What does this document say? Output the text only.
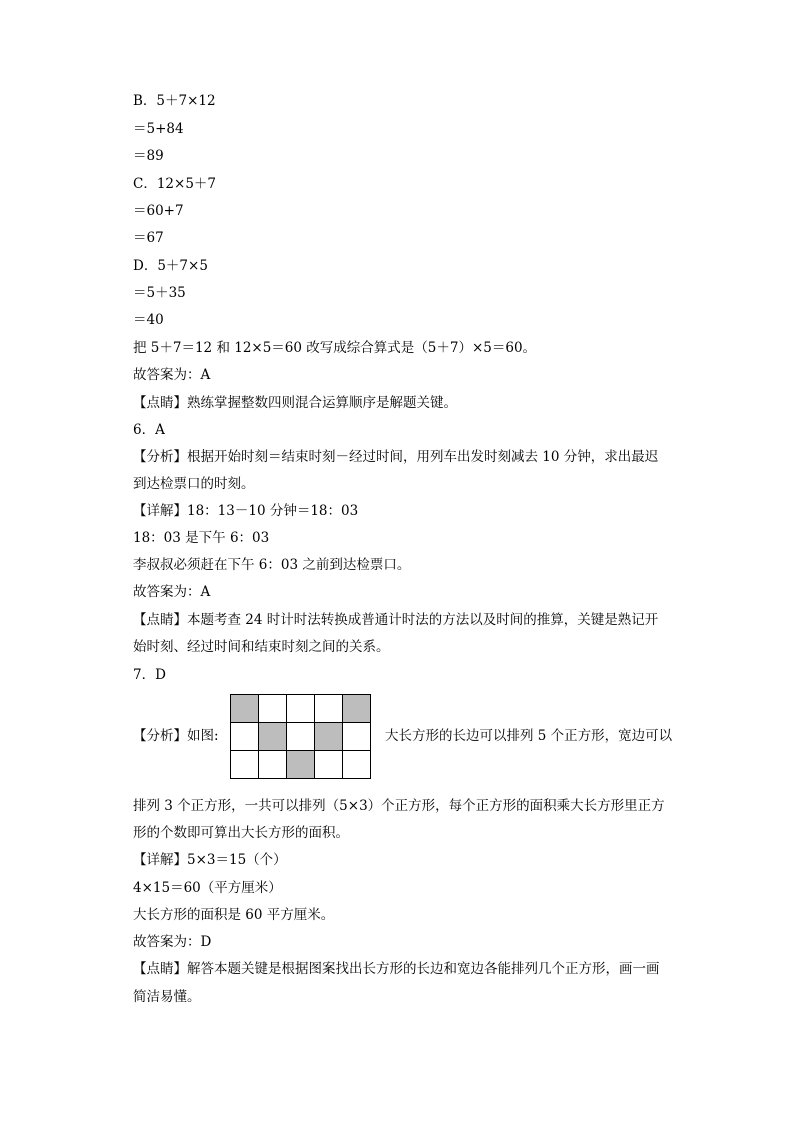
B．5＋7×12
＝5+84
＝89
C．12×5＋7
＝60+7
＝67
D．5＋7×5
＝5＋35
＝40
把 5＋7＝12 和 12×5＝60 改写成综合算式是（5＋7）×5＝60。
故答案为：A
【点睛】熟练掌握整数四则混合运算顺序是解题关键。
6．A
【分析】根据开始时刻＝结束时刻－经过时间，用列车出发时刻减去 10 分钟，求出最迟
到达检票口的时刻。
【详解】18：13－10 分钟＝18：03
18：03 是下午 6：03
李叔叔必须赶在下午 6：03 之前到达检票口。
故答案为：A
【点睛】本题考查 24 时计时法转换成普通计时法的方法以及时间的推算，关键是熟记开
始时刻、经过时间和结束时刻之间的关系。
7．D
【分析】如图:

					大长方形的长边可以排列 5 个正方形，宽边可以
排列 3 个正方形，一共可以排列（5×3）个正方形，每个正方形的面积乘大长方形里正方
形的个数即可算出大长方形的面积。
【详解】5×3＝15（个）
4×15＝60（平方厘米）
大长方形的面积是 60 平方厘米。
故答案为：D
【点睛】解答本题关键是根据图案找出长方形的长边和宽边各能排列几个正方形，画一画
简洁易懂。
